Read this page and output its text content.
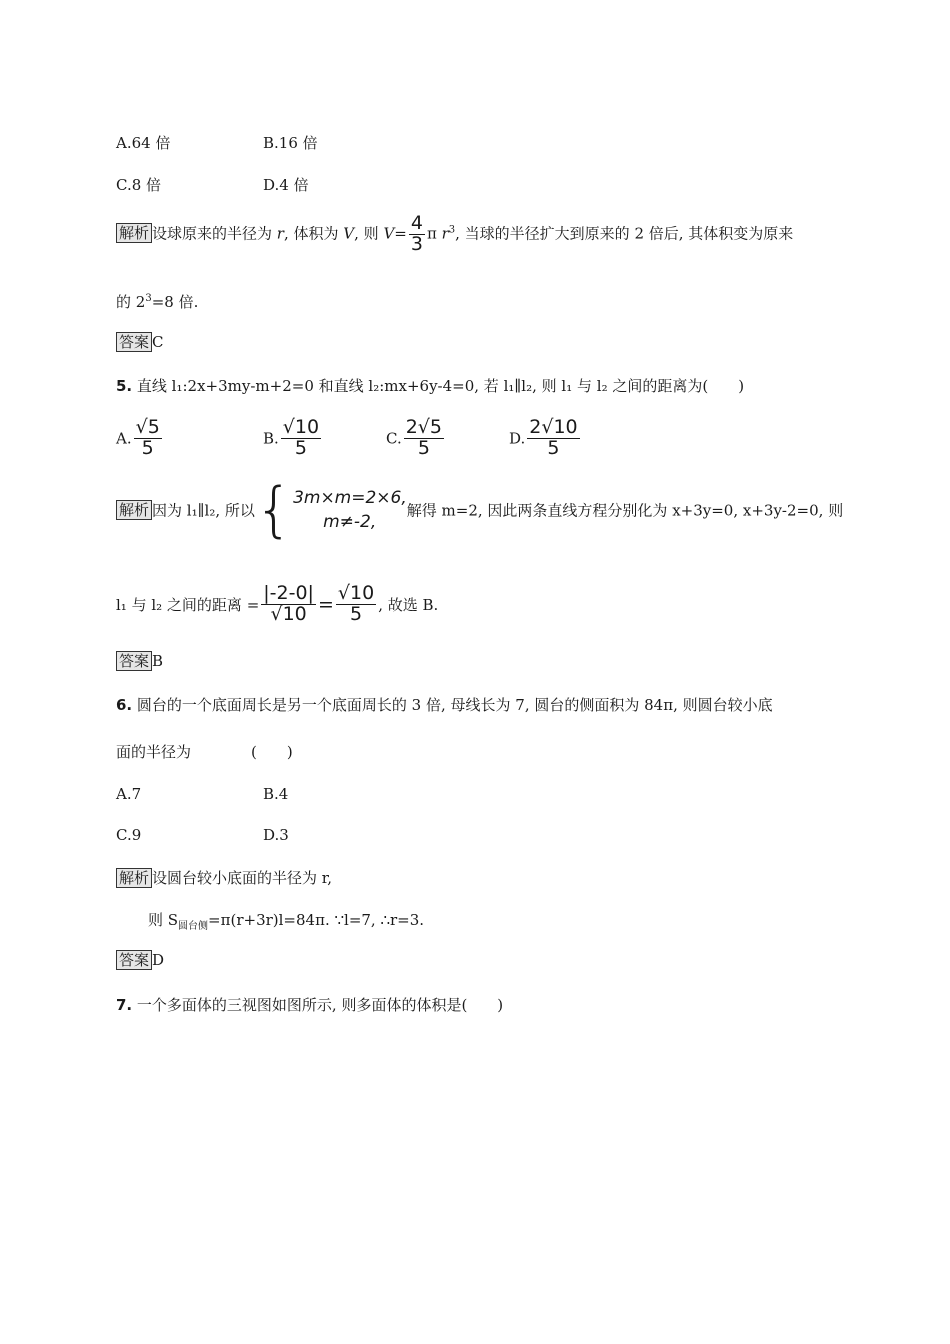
A.64 倍	B.16 倍
C.8 倍	D.4 倍
解析 设球原来的半径为 r, 体积为 V, 则 $V= \frac{4}{3}$ π $r^3$, 当球的半径扩大到原来的 2 倍后, 其体积变为原来
的 $2^3=8$ 倍.
答案 C
5. 直线 l₁:2x+3my-m+2=0 和直线 l₂:mx+6y-4=0, 若 l₁∥l₂, 则 l₁ 与 l₂ 之间的距离为(　　)
A. $\frac{√5}{5}$	B. $\frac{√10}{5}$	C. $\frac{2√5}{5}$	D. $\frac{2√10}{5}$
解析 因为 l₁∥l₂, 所以{ 3m×m=2×6,
m≠-2,
解得 m=2, 因此两条直线方程分别化为 x+3y=0, x+3y-2=0, 则
l₁ 与 l₂ 之间的距离 = $\frac{|-2-0|}{√10} = \frac{√10}{5}$ , 故选 B.
答案 B
6. 圆台的一个底面周长是另一个底面周长的 3 倍, 母线长为 7, 圆台的侧面积为 84π, 则圆台较小底
面的半径为　　　　(　　)
A.7	B.4
C.9	D.3
解析 设圆台较小底面的半径为 r,
则 $S_{圆台侧}=\pi(r+3r)l=84\pi$. ∵l=7, ∴r=3.
答案 D
7. 一个多面体的三视图如图所示, 则多面体的体积是(　　)
